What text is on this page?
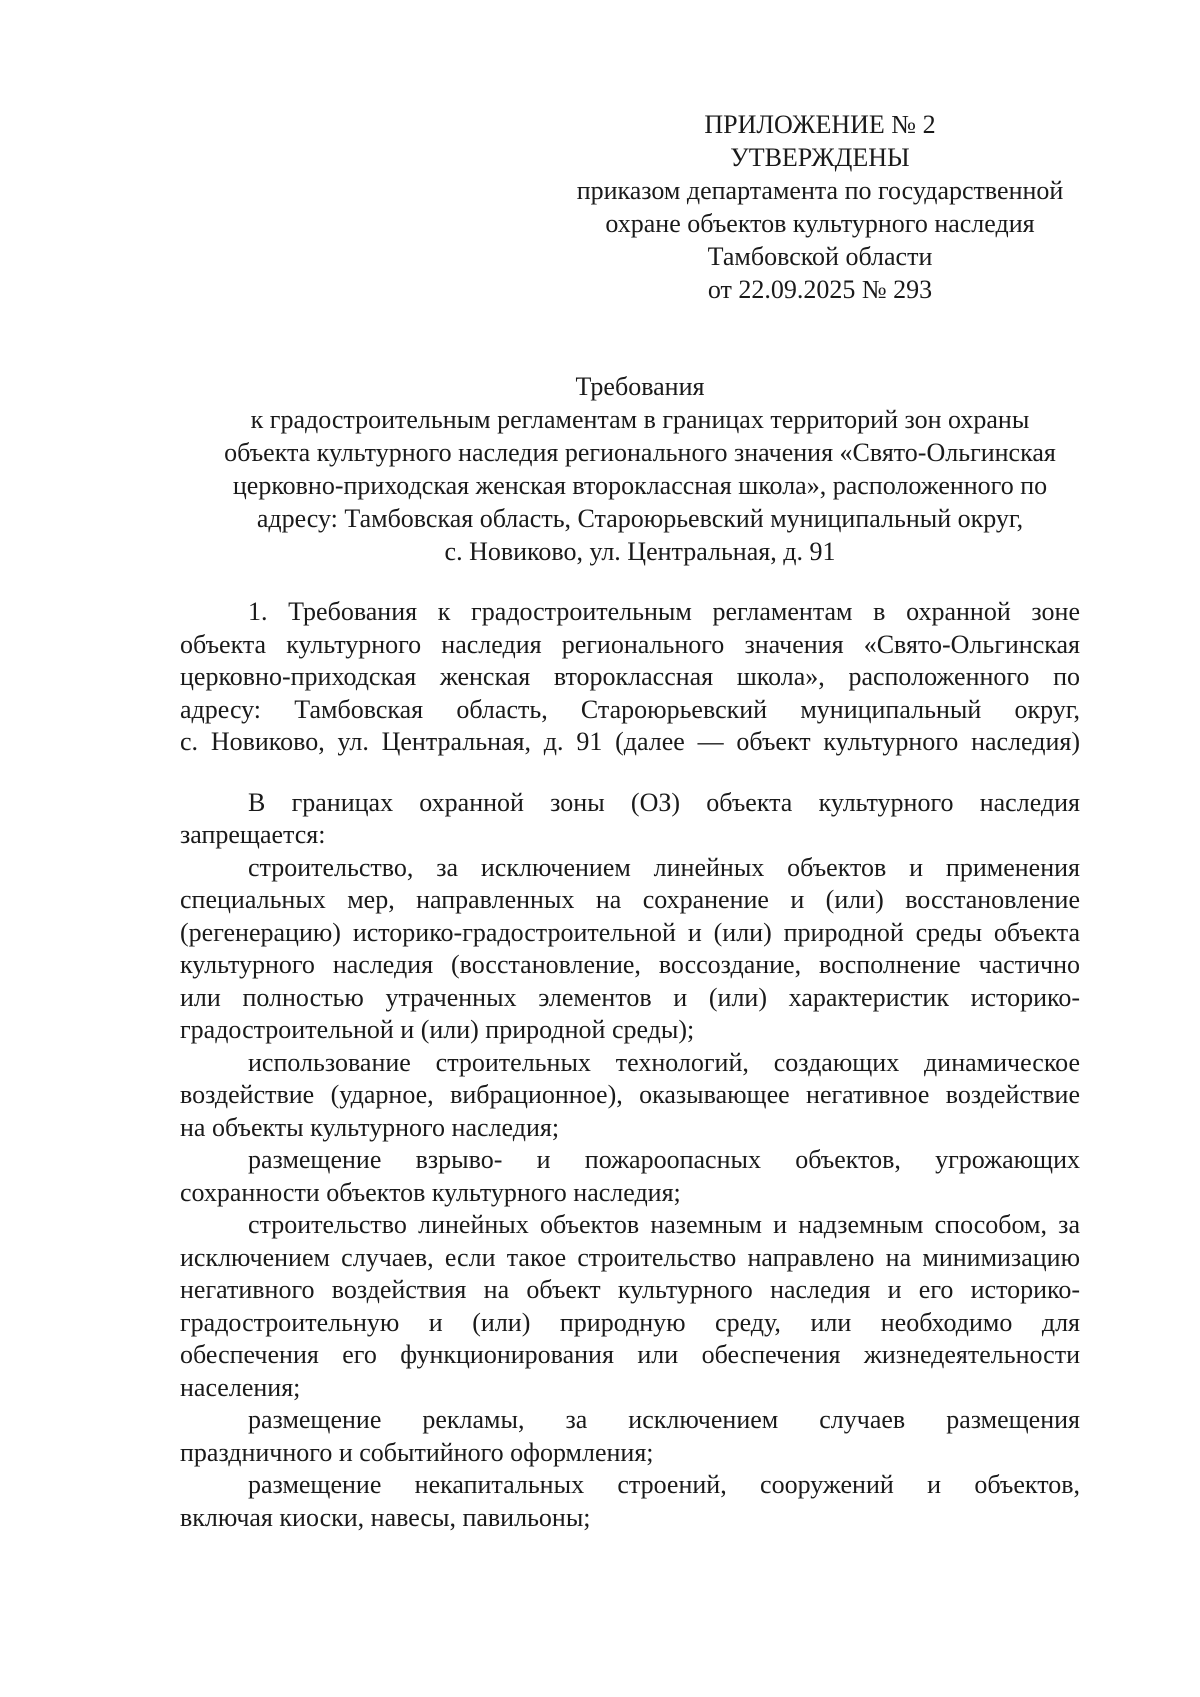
ПРИЛОЖЕНИЕ № 2
УТВЕРЖДЕНЫ
приказом департамента по государственной
охране объектов культурного наследия
Тамбовской области
от 22.09.2025 № 293
Требования
к градостроительным регламентам в границах территорий зон охраны
объекта культурного наследия регионального значения «Свято-Ольгинская
церковно-приходская женская второклассная школа», расположенного по
адресу: Тамбовская область, Староюрьевский муниципальный округ,
с. Новиково, ул. Центральная, д. 91
1. Требования к градостроительным регламентам в охранной зоне
объекта культурного наследия регионального значения «Свято-Ольгинская
церковно-приходская женская второклассная школа», расположенного по
адресу: Тамбовская область, Староюрьевский муниципальный округ,
с. Новиково, ул. Центральная, д. 91 (далее — объект культурного наследия)
В границах охранной зоны (ОЗ) объекта культурного наследия
запрещается:
строительство, за исключением линейных объектов и применения
специальных мер, направленных на сохранение и (или) восстановление
(регенерацию) историко-градостроительной и (или) природной среды объекта
культурного наследия (восстановление, воссоздание, восполнение частично
или полностью утраченных элементов и (или) характеристик историко-
градостроительной и (или) природной среды);
использование строительных технологий, создающих динамическое
воздействие (ударное, вибрационное), оказывающее негативное воздействие
на объекты культурного наследия;
размещение взрыво- и пожароопасных объектов, угрожающих
сохранности объектов культурного наследия;
строительство линейных объектов наземным и надземным способом, за
исключением случаев, если такое строительство направлено на минимизацию
негативного воздействия на объект культурного наследия и его историко-
градостроительную и (или) природную среду, или необходимо для
обеспечения его функционирования или обеспечения жизнедеятельности
населения;
размещение рекламы, за исключением случаев размещения
праздничного и событийного оформления;
размещение некапитальных строений, сооружений и объектов,
включая киоски, навесы, павильоны;
